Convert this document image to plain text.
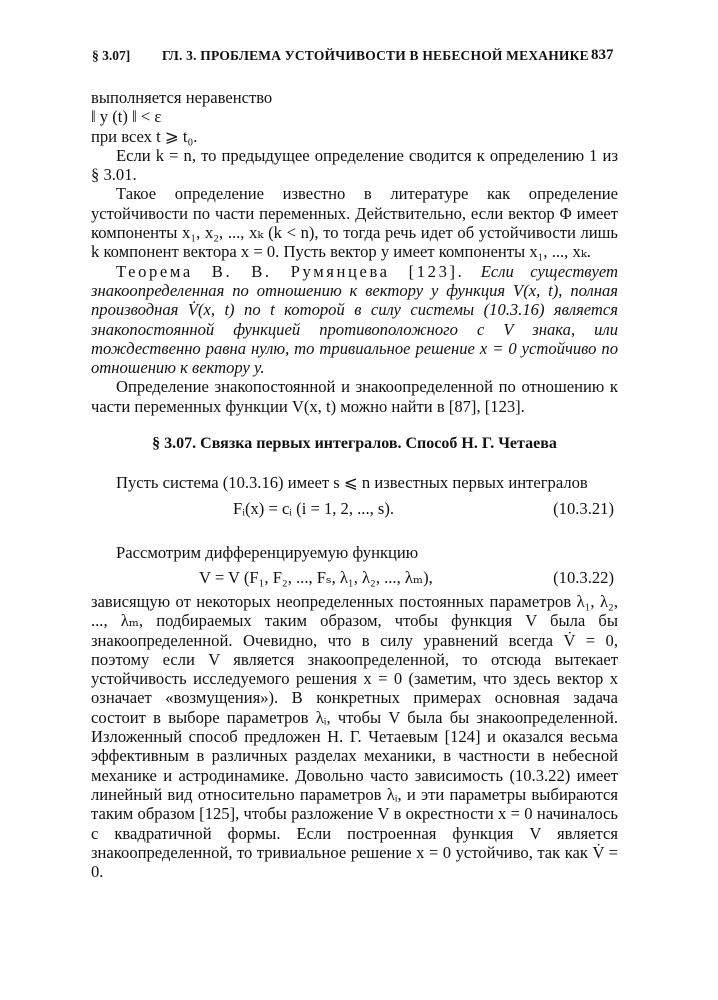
§ 3.07] ГЛ. 3. ПРОБЛЕМА УСТОЙЧИВОСТИ В НЕБЕСНОЙ МЕХАНИКЕ 837

выполняется неравенство

‖ y (t) ‖ < ε

при всех t ⩾ t₀.

Если k = n, то предыдущее определение сводится к определению 1 из § 3.01.

Такое определение известно в литературе как определение устойчивости по части переменных. Действительно, если вектор Φ имеет компоненты x₁, x₂, ..., xₖ (k < n), то тогда речь идет об устойчивости лишь k компонент вектора x = 0. Пусть вектор y имеет компоненты x₁, ..., xₖ.

Теорема В. В. Румянцева [123]. Если существует знакоопределенная по отношению к вектору y функция V(x, t), полная производная V̇(x, t) по t которой в силу системы (10.3.16) является знакопостоянной функцией противоположного с V знака, или тождественно равна нулю, то тривиальное решение x = 0 устойчиво по отношению к вектору y.

Определение знакопостоянной и знакоопределенной по отношению к части переменных функции V(x, t) можно найти в [87], [123].

§ 3.07. Связка первых интегралов. Способ Н. Г. Четаева

Пусть система (10.3.16) имеет s ⩽ n известных первых интегралов

Fᵢ(x) = cᵢ (i = 1, 2, ..., s).	(10.3.21)

Рассмотрим дифференцируемую функцию

V = V (F₁, F₂, ..., Fₛ, λ₁, λ₂, ..., λₘ),	(10.3.22)

зависящую от некоторых неопределенных постоянных параметров λ₁, λ₂, ..., λₘ, подбираемых таким образом, чтобы функция V была бы знакоопределенной. Очевидно, что в силу уравнений всегда V̇ = 0, поэтому если V является знакоопределенной, то отсюда вытекает устойчивость исследуемого решения x = 0 (заметим, что здесь вектор x означает «возмущения»). В конкретных примерах основная задача состоит в выборе параметров λᵢ, чтобы V была бы знакоопределенной. Изложенный способ предложен Н. Г. Четаевым [124] и оказался весьма эффективным в различных разделах механики, в частности в небесной механике и астродинамике. Довольно часто зависимость (10.3.22) имеет линейный вид относительно параметров λᵢ, и эти параметры выбираются таким образом [125], чтобы разложение V в окрестности x = 0 начиналось с квадратичной формы. Если построенная функция V является знакоопределенной, то тривиальное решение x = 0 устойчиво, так как V̇ = 0.
